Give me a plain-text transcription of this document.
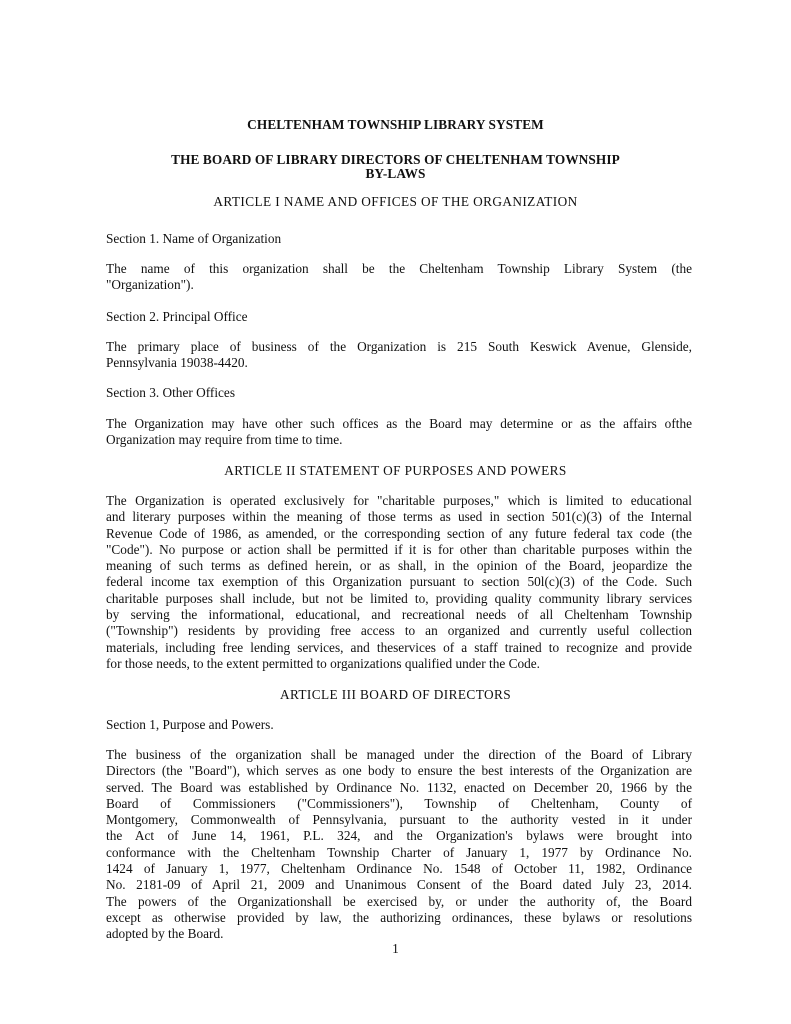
CHELTENHAM TOWNSHIP LIBRARY SYSTEM
THE BOARD OF LIBRARY DIRECTORS OF CHELTENHAM TOWNSHIP
BY-LAWS
ARTICLE I NAME AND OFFICES OF THE ORGANIZATION
Section 1. Name of Organization
The name of this organization shall be the Cheltenham Township Library System (the
"Organization").
Section 2. Principal Office
The primary place of business of the Organization is 215 South Keswick Avenue, Glenside,
Pennsylvania 19038-4420.
Section 3. Other Offices
The Organization may have other such offices as the Board may determine or as the affairs ofthe
Organization may require from time to time.
ARTICLE II STATEMENT OF PURPOSES AND POWERS
The Organization is operated exclusively for "charitable purposes," which is limited to educational
and literary purposes within the meaning of those terms as used in section 501(c)(3) of the Internal
Revenue Code of 1986, as amended, or the corresponding section of any future federal tax code (the
"Code"). No purpose or action shall be permitted if it is for other than charitable purposes within the
meaning of such terms as defined herein, or as shall, in the opinion of the Board, jeopardize the
federal income tax exemption of this Organization pursuant to section 50l(c)(3) of the Code. Such
charitable purposes shall include, but not be limited to, providing quality community library services
by serving the informational, educational, and recreational needs of all Cheltenham Township
("Township") residents by providing free access to an organized and currently useful collection
materials, including free lending services, and theservices of a staff trained to recognize and provide
for those needs, to the extent permitted to organizations qualified under the Code.
ARTICLE III BOARD OF DIRECTORS
Section 1, Purpose and Powers.
The business of the organization shall be managed under the direction of the Board of Library
Directors (the "Board"), which serves as one body to ensure the best interests of the Organization are
served. The Board was established by Ordinance No. 1132, enacted on December 20, 1966 by the
Board of Commissioners ("Commissioners"), Township of Cheltenham, County of
Montgomery, Commonwealth of Pennsylvania, pursuant to the authority vested in it under
the Act of June 14, 1961, P.L. 324, and the Organization's bylaws were brought into
conformance with the Cheltenham Township Charter of January 1, 1977 by Ordinance No.
1424 of January 1, 1977, Cheltenham Ordinance No. 1548 of October 11, 1982, Ordinance
No. 2181-09 of April 21, 2009 and Unanimous Consent of the Board dated July 23, 2014.
The powers of the Organizationshall be exercised by, or under the authority of, the Board
except as otherwise provided by law, the authorizing ordinances, these bylaws or resolutions
adopted by the Board.
1
